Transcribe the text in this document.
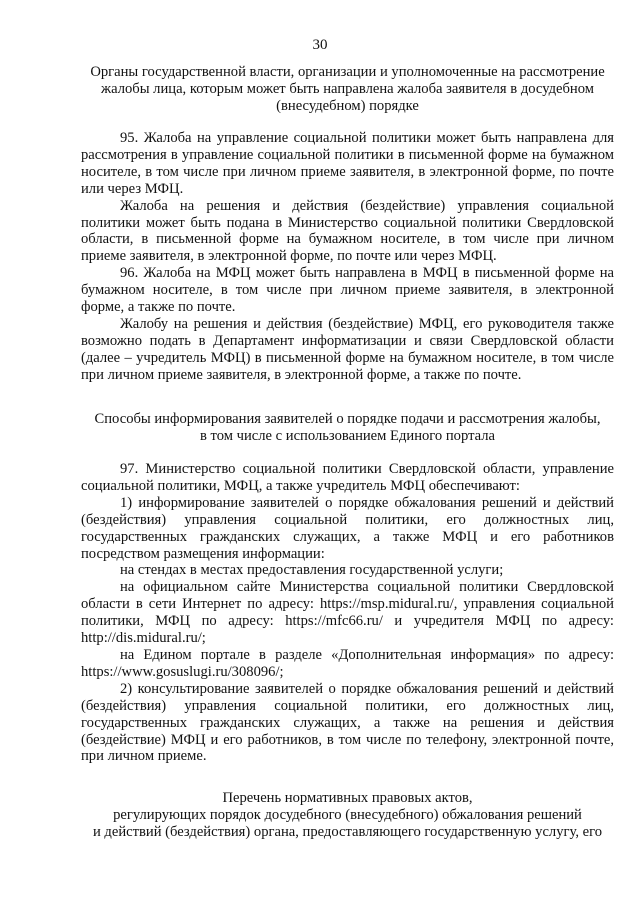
30
Органы государственной власти, организации и уполномоченные на рассмотрение
жалобы лица, которым может быть направлена жалоба заявителя в досудебном
(внесудебном) порядке

95. Жалоба на управление социальной политики может быть направлена для рассмотрения в управление социальной политики в письменной форме на бумажном носителе, в том числе при личном приеме заявителя, в электронной форме, по почте или через МФЦ.

Жалоба на решения и действия (бездействие) управления социальной политики может быть подана в Министерство социальной политики Свердловской области, в письменной форме на бумажном носителе, в том числе при личном приеме заявителя, в электронной форме, по почте или через МФЦ.

96. Жалоба на МФЦ может быть направлена в МФЦ в письменной форме на бумажном носителе, в том числе при личном приеме заявителя, в электронной форме, а также по почте.

Жалобу на решения и действия (бездействие) МФЦ, его руководителя также возможно подать в Департамент информатизации и связи Свердловской области (далее – учредитель МФЦ) в письменной форме на бумажном носителе, в том числе при личном приеме заявителя, в электронной форме, а также по почте.

Способы информирования заявителей о порядке подачи и рассмотрения жалобы,
в том числе с использованием Единого портала

97. Министерство социальной политики Свердловской области, управление социальной политики, МФЦ, а также учредитель МФЦ обеспечивают:

1) информирование заявителей о порядке обжалования решений и действий (бездействия) управления социальной политики, его должностных лиц, государственных гражданских служащих, а также МФЦ и его работников посредством размещения информации:

на стендах в местах предоставления государственной услуги;

на официальном сайте Министерства социальной политики Свердловской области в сети Интернет по адресу: https://msp.midural.ru/, управления социальной политики, МФЦ по адресу: https://mfc66.ru/ и учредителя МФЦ по адресу: http://dis.midural.ru/;

на Едином портале в разделе «Дополнительная информация» по адресу: https://www.gosuslugi.ru/308096/;

2) консультирование заявителей о порядке обжалования решений и действий (бездействия) управления социальной политики, его должностных лиц, государственных гражданских служащих, а также на решения и действия (бездействие) МФЦ и его работников, в том числе по телефону, электронной почте, при личном приеме.

Перечень нормативных правовых актов,
регулирующих порядок досудебного (внесудебного) обжалования решений
и действий (бездействия) органа, предоставляющего государственную услугу, его
